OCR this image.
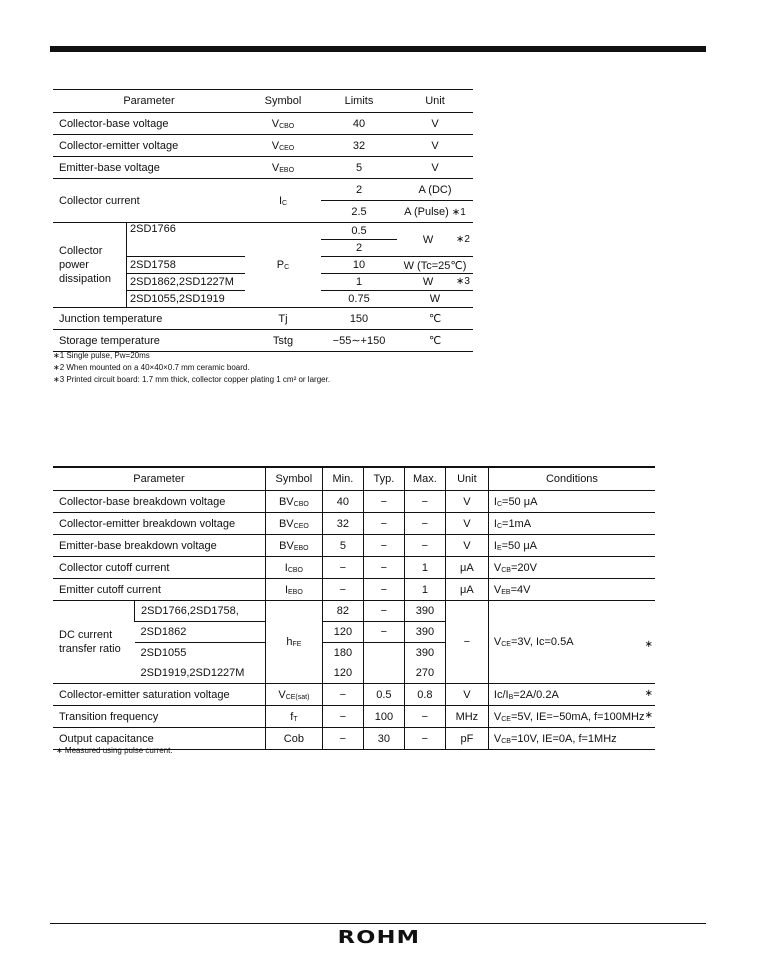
Parameter		Symbol	Limits	Unit
Collector-base voltage		$V_{CBO}$	40	V
Collector-emitter voltage		$V_{CEO}$	32	V
Emitter-base voltage		$V_{EBO}$	5	V
Collector current		$I_C$	2	A (DC)
			2.5	A (Pulse) ∗1
Collector power dissipation	2SD1766	$P_C$	0.5	W ∗2

			2	
	2SD1758		10	W (Tc=25℃)
	2SD1862,2SD1227M		1	W ∗3

	2SD1055,2SD1919		0.75	W
Junction temperature		Tj	150	℃
Storage temperature		Tstg	−55∼+150	℃
∗1 Single pulse, Pw=20ms
∗2 When mounted on a 40×40×0.7 mm ceramic board.
∗3 Printed circuit board: 1.7 mm thick, collector copper plating 1 cm² or larger.
Parameter		Symbol	Min.	Typ.	Max.	Unit	Conditions
Collector-base breakdown voltage		$BV_{CBO}$	40	−	−	V	$I_C=50$ μA
Collector-emitter breakdown voltage		$BV_{CEO}$	32	−	−	V	$I_C=1mA$
Emitter-base breakdown voltage		$BV_{EBO}$	5	−	−	V	$I_E=50$ μA
Collector cutoff current		$I_{CBO}$	−	−	1	μA	$V_{CB}=20V$
Emitter cutoff current		$I_{EBO}$	−	−	1	μA	$V_{EB}=4V$
DC current transfer ratio	2SD1766,2SD1758,	$h_{FE}$	82	−	390	−	$V_{CE}=3V$, Ic=0.5A ∗

	2SD1862		120	−	390		
	2SD1055		180		390		
	2SD1919,2SD1227M		120		270		
Collector-emitter saturation voltage		$V_{CE(sat)}$	−	0.5	0.8	V	$Ic/I_B=2A/0.2A$ ∗

Transition frequency		$f_T$	−	100	−	MHz	$V_{CE}=5V$, IE=−50mA, f=100MHz ∗

Output capacitance		Cob	−	30	−	pF	$V_{CB}=10V$, IE=0A, f=1MHz
∗ Measured using pulse current.
ROHM
